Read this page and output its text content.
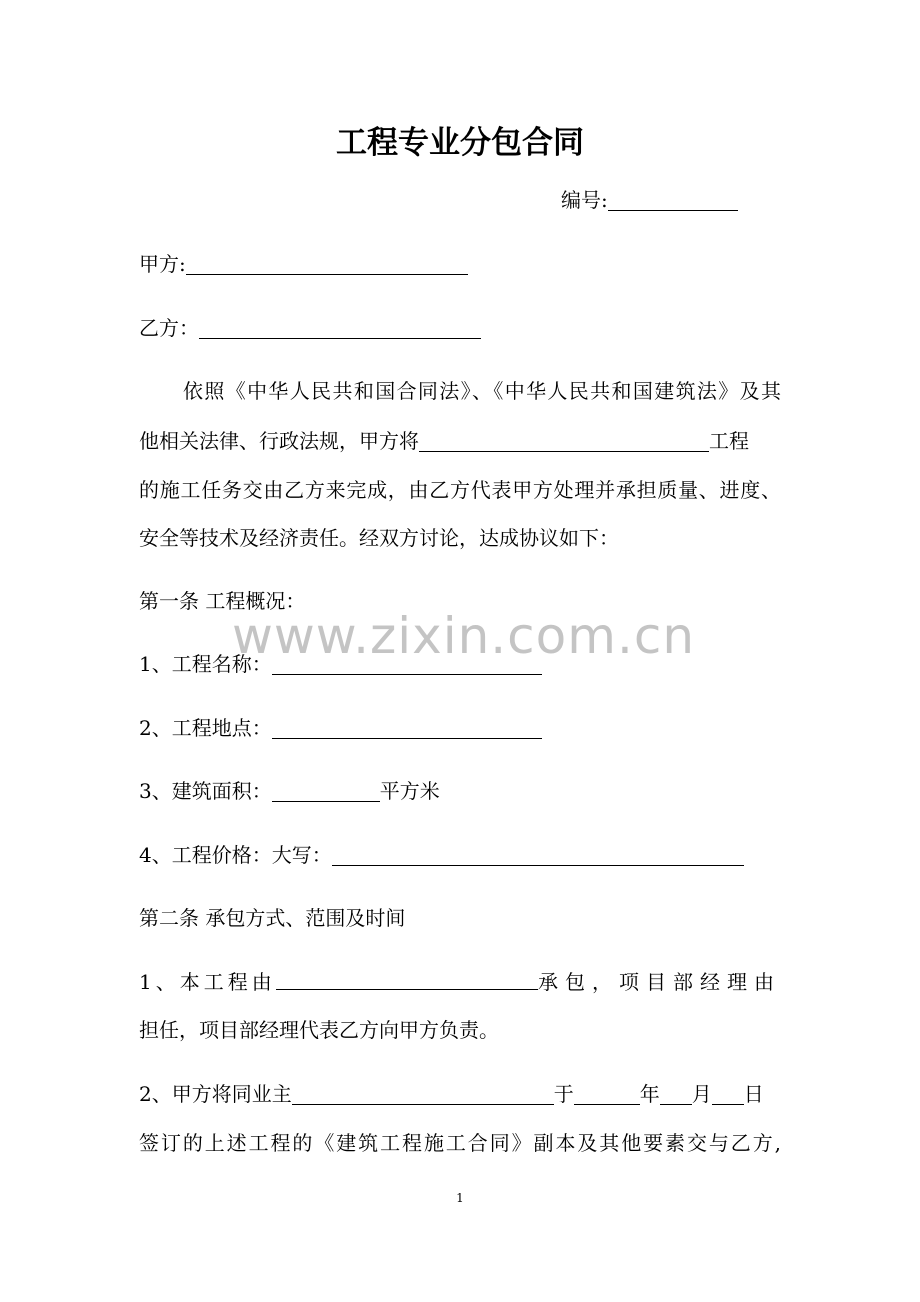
工程专业分包合同
编号:
甲方:
乙方：
依照《中华人民共和国合同法》、《中华人民共和国建筑法》及其
他相关法律、行政法规，甲方将	工程
的施工任务交由乙方来完成，由乙方代表甲方处理并承担质量、进度、
安全等技术及经济责任。经双方讨论，达成协议如下：
第一条 工程概况：
www.zixin.com.cn
1、工程名称：
2、工程地点：
3、建筑面积：	平方米
4、工程价格：大写：
第二条 承包方式、范围及时间
1、本工程由	承包，项目部经理由
担任，项目部经理代表乙方向甲方负责。
2、甲方将同业主	于	年 月 日
签订的上述工程的《建筑工程施工合同》副本及其他要素交与乙方,
1
